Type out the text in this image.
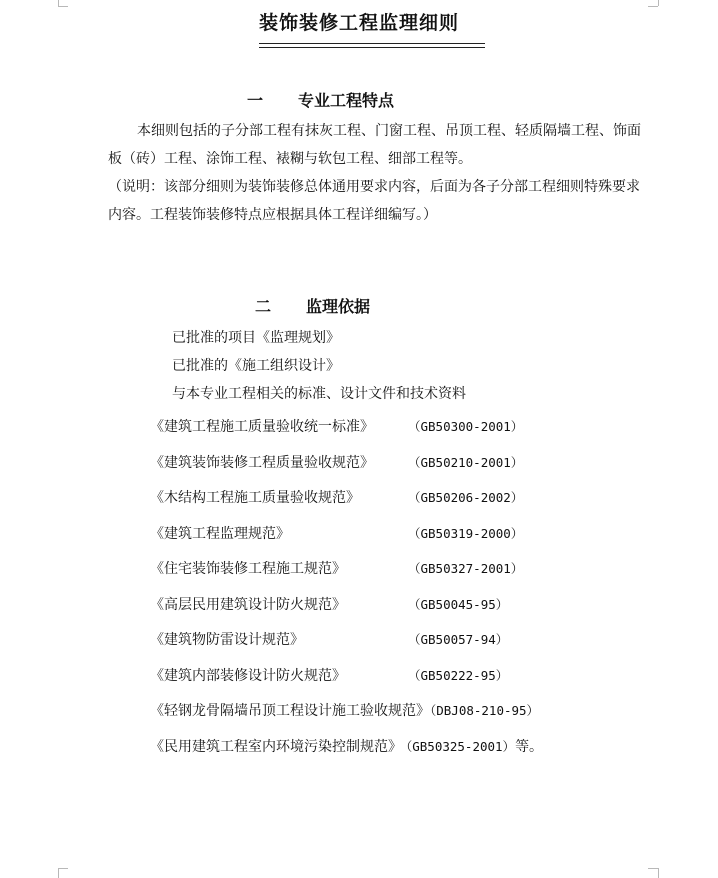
装饰装修工程监理细则
一 专业工程特点
本细则包括的子分部工程有抹灰工程、门窗工程、吊顶工程、轻质隔墙工程、饰面
板（砖）工程、涂饰工程、裱糊与软包工程、细部工程等。
（说明：该部分细则为装饰装修总体通用要求内容，后面为各子分部工程细则特殊要求
内容。工程装饰装修特点应根据具体工程详细编写。）
二 监理依据
已批准的项目《监理规划》
已批准的《施工组织设计》
与本专业工程相关的标准、设计文件和技术资料
《建筑工程施工质量验收统一标准》	（GB50300-2001）
《建筑装饰装修工程质量验收规范》	（GB50210-2001）
《木结构工程施工质量验收规范》	（GB50206-2002）
《建筑工程监理规范》	（GB50319-2000）
《住宅装饰装修工程施工规范》	（GB50327-2001）
《高层民用建筑设计防火规范》	（GB50045-95）
《建筑物防雷设计规范》	（GB50057-94）
《建筑内部装修设计防火规范》	（GB50222-95）
《轻钢龙骨隔墙吊顶工程设计施工验收规范》（DBJ08-210-95）
《民用建筑工程室内环境污染控制规范》 （GB50325-2001）等。
